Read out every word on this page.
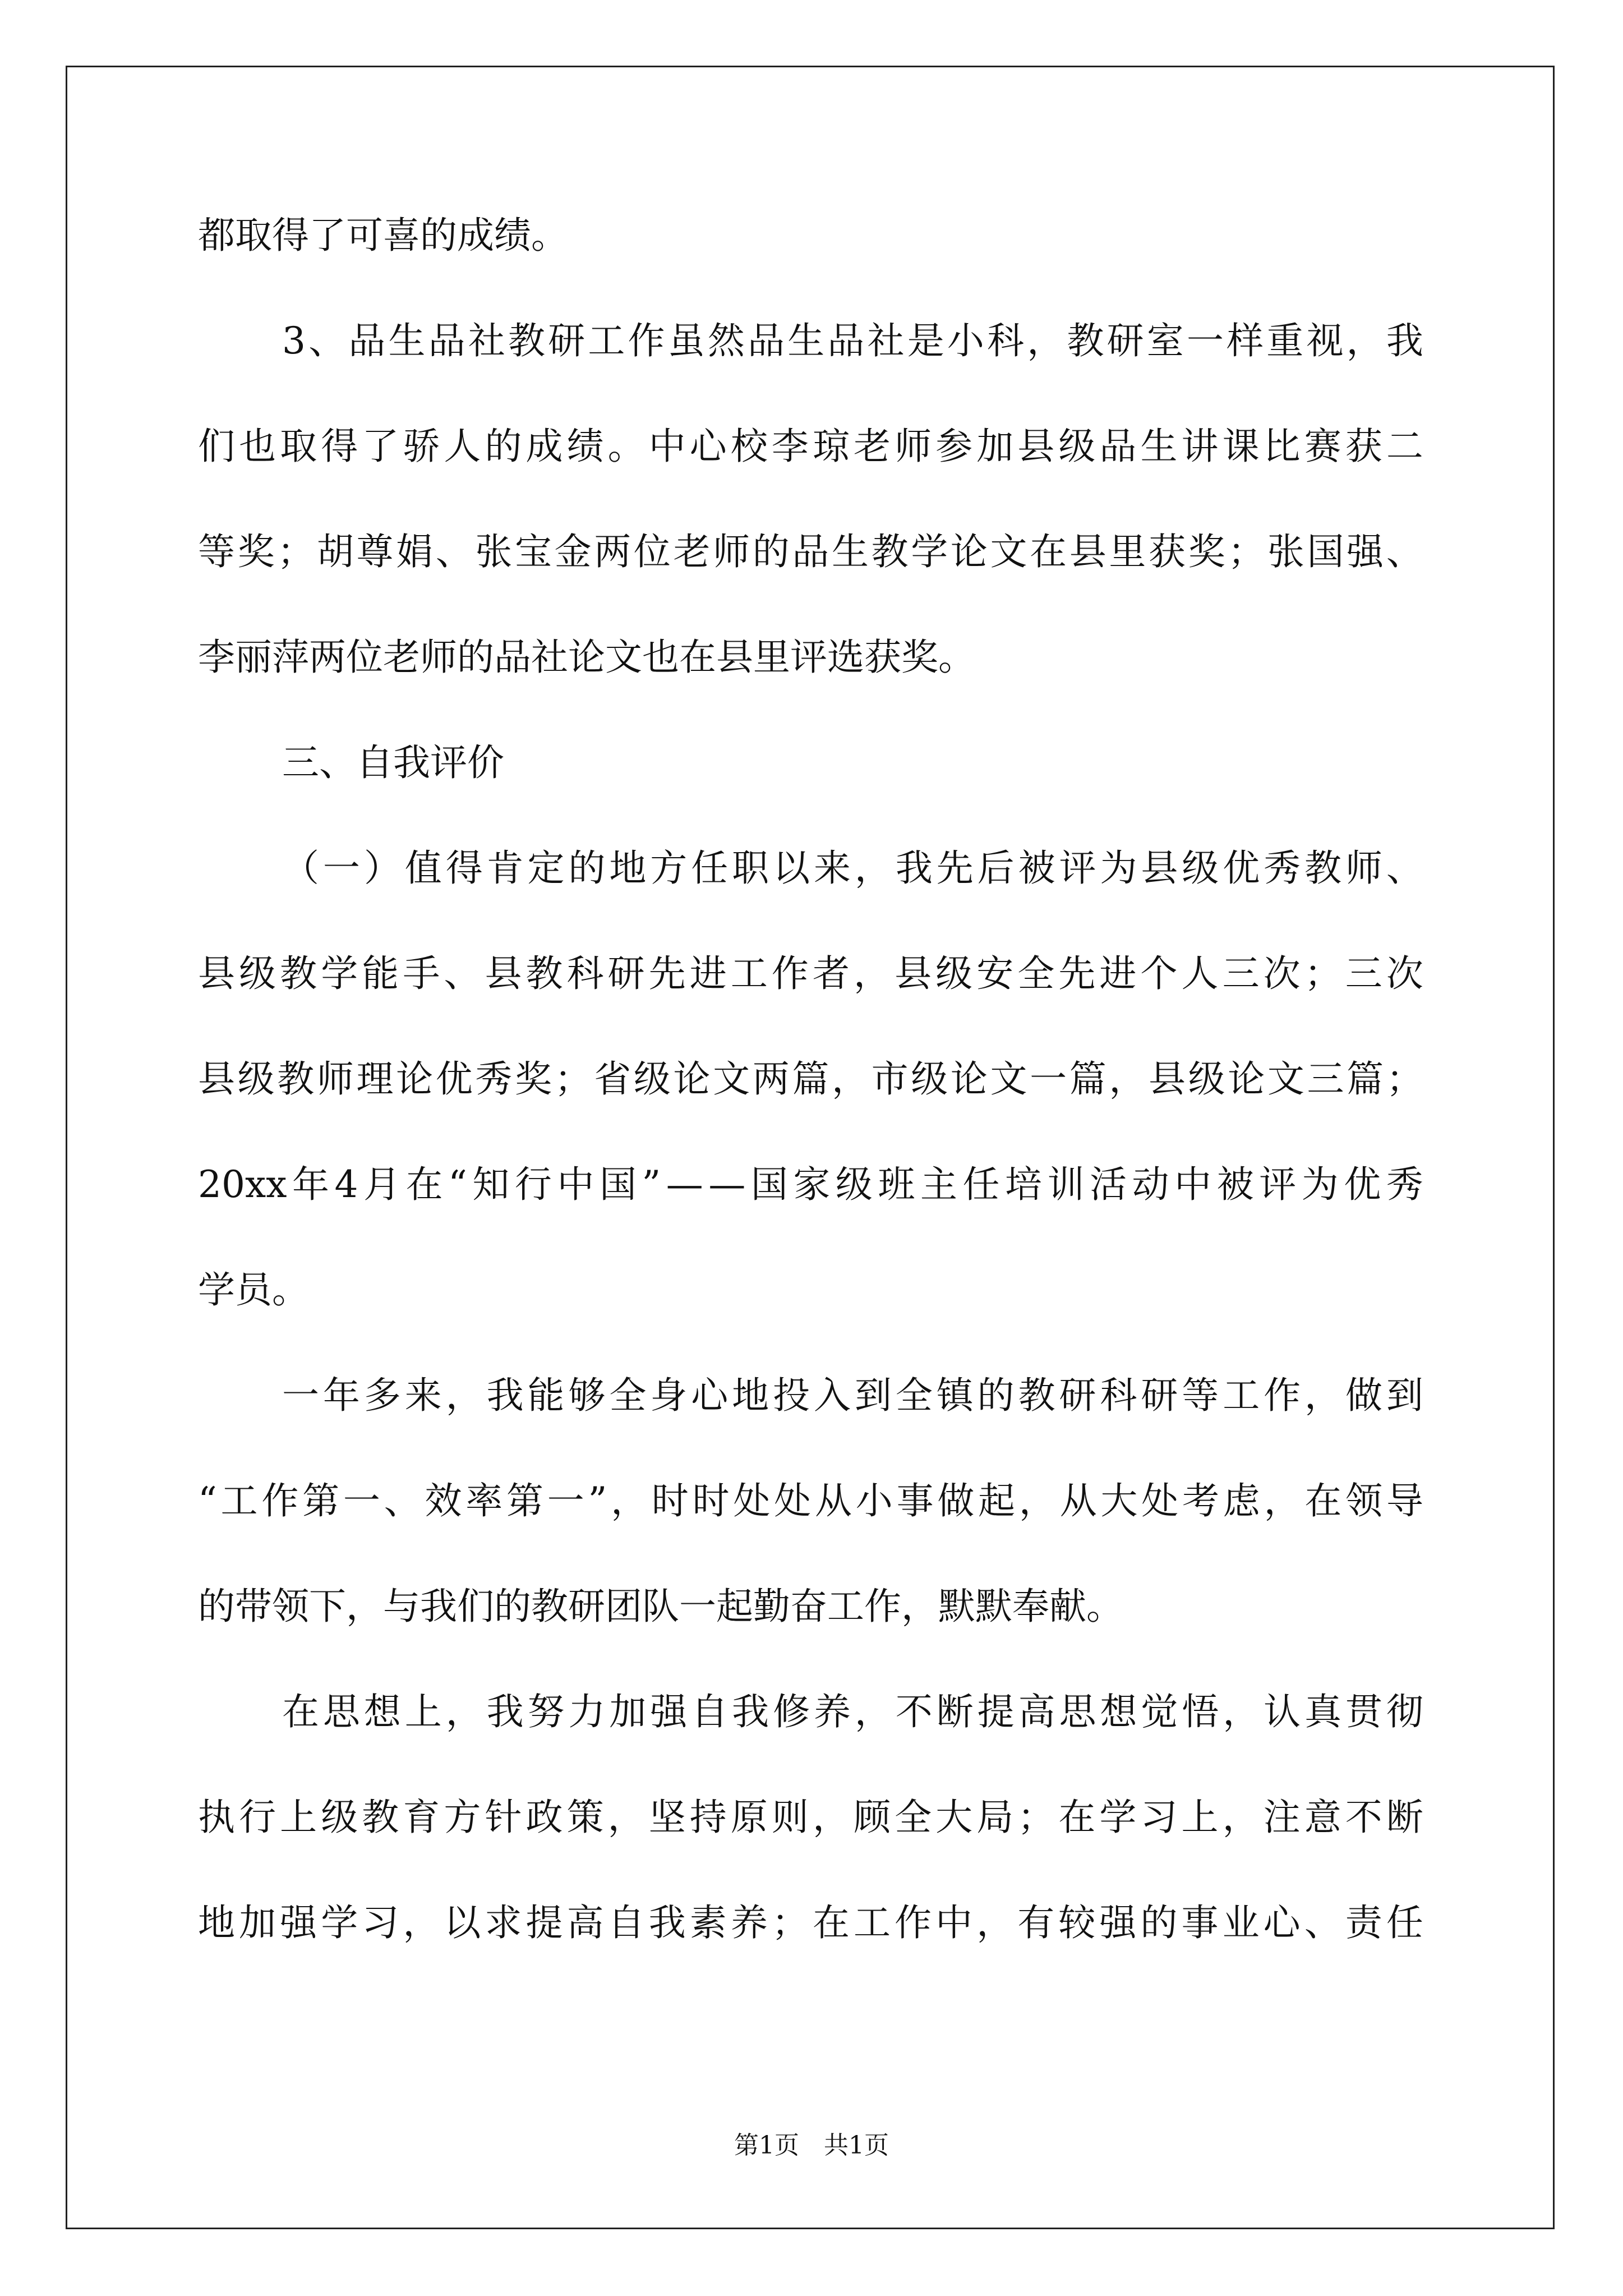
都取得了可喜的成绩。
3 、 品 生 品 社 教 研 工 作 虽 然 品 生 品 社 是 小 科 ， 教 研 室 一 样 重 视 ， 我
们 也 取 得 了 骄 人 的 成 绩 。 中 心 校 李 琼 老 师 参 加 县 级 品 生 讲 课 比 赛 获 二
等 奖 ； 胡 尊 娟 、 张 宝 金 两 位 老 师 的 品 生 教 学 论 文 在 县 里 获 奖 ； 张 国 强 、
李丽萍两位老师的品社论文也在县里评选获奖。
三、自我评价
（ 一 ） 值 得 肯 定 的 地 方 任 职 以 来 ， 我 先 后 被 评 为 县 级 优 秀 教 师 、
县 级 教 学 能 手 、 县 教 科 研 先 进 工 作 者 ， 县 级 安 全 先 进 个 人 三 次 ； 三 次
县 级 教 师 理 论 优 秀 奖 ； 省 级 论 文 两 篇 ， 市 级 论 文 一 篇 ， 县 级 论 文 三 篇 ；
20xx 年 4 月 在 “ 知 行 中 国 ” — — 国 家 级 班 主 任 培 训 活 动 中 被 评 为 优 秀
学员。
一 年 多 来 ， 我 能 够 全 身 心 地 投 入 到 全 镇 的 教 研 科 研 等 工 作 ， 做 到
“ 工 作 第 一 、 效 率 第 一 ” ， 时 时 处 处 从 小 事 做 起 ， 从 大 处 考 虑 ， 在 领 导
的带领下，与我们的教研团队一起勤奋工作，默默奉献。
在 思 想 上 ， 我 努 力 加 强 自 我 修 养 ， 不 断 提 高 思 想 觉 悟 ， 认 真 贯 彻
执 行 上 级 教 育 方 针 政 策 ， 坚 持 原 则 ， 顾 全 大 局 ； 在 学 习 上 ， 注 意 不 断
地 加 强 学 习 ， 以 求 提 高 自 我 素 养 ； 在 工 作 中 ， 有 较 强 的 事 业 心 、 责 任
第1页　共1页
